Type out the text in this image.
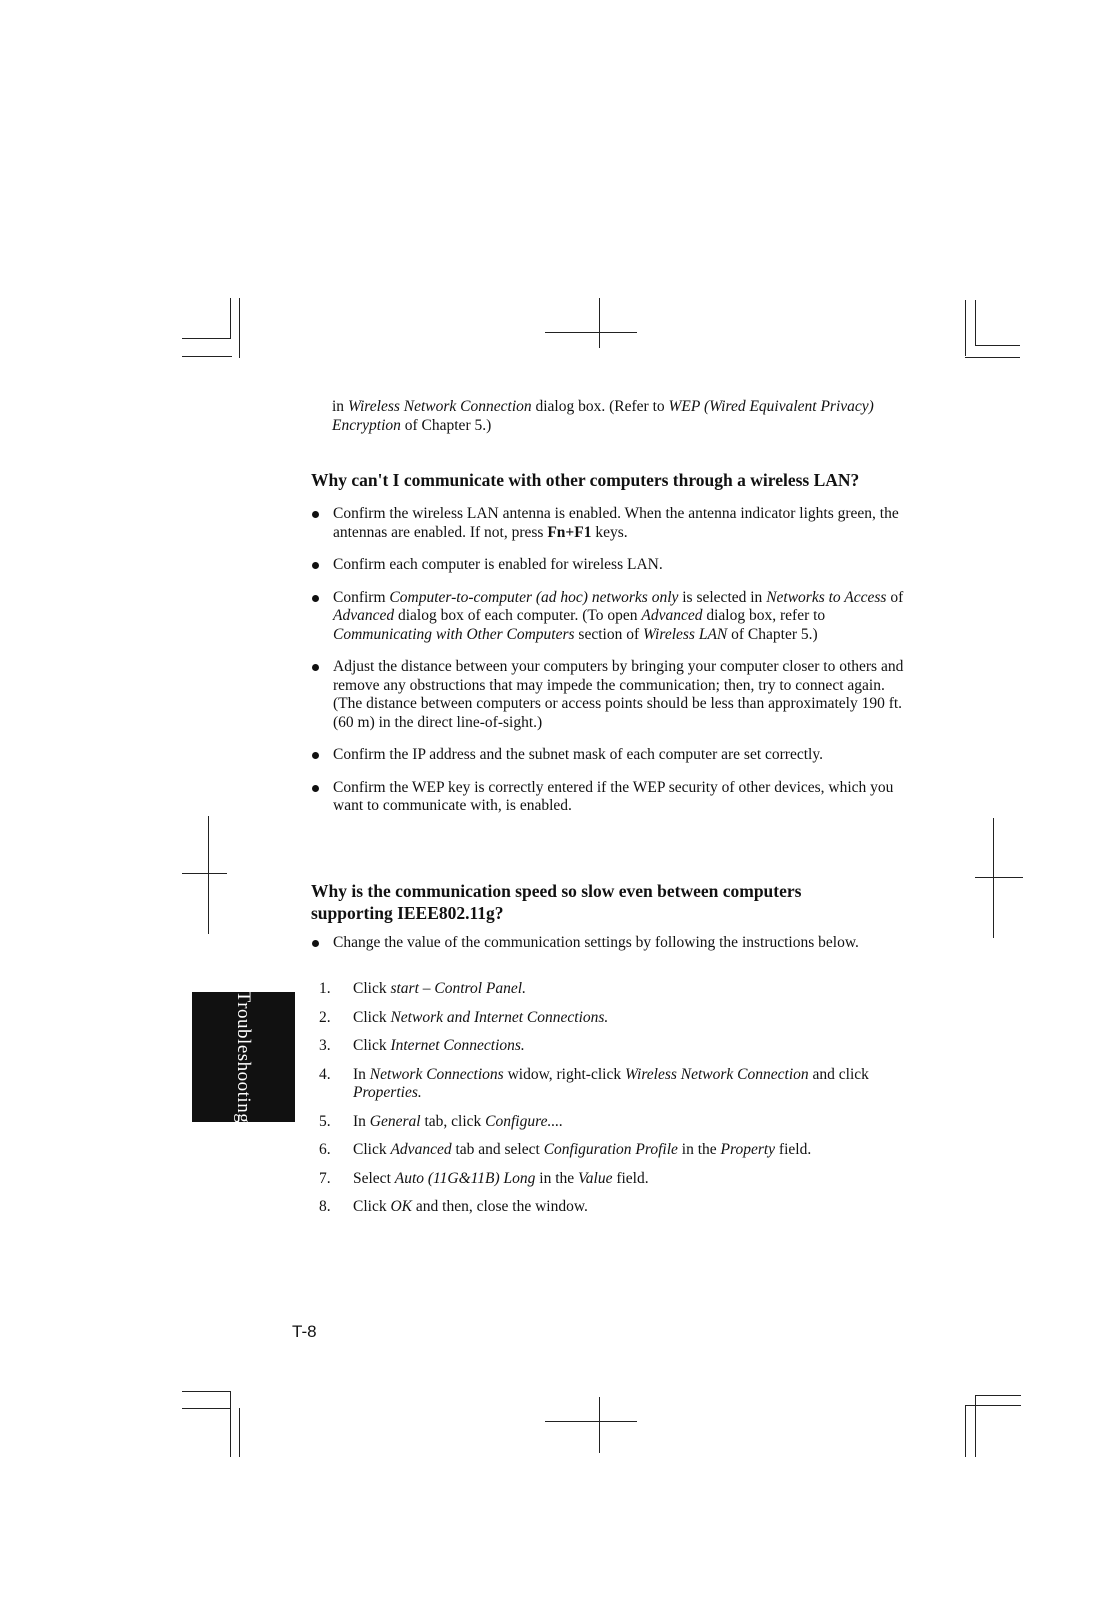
in Wireless Network Connection dialog box. (Refer to WEP (Wired Equivalent Privacy) Encryption of Chapter 5.)
Why can't I communicate with other computers through a wireless LAN?
Confirm the wireless LAN antenna is enabled. When the antenna indicator lights green, the antennas are enabled. If not, press Fn+F1 keys.
Confirm each computer is enabled for wireless LAN.
Confirm Computer-to-computer (ad hoc) networks only is selected in Networks to Access of Advanced dialog box of each computer. (To open Advanced dialog box, refer to Communicating with Other Computers section of Wireless LAN of Chapter 5.)
Adjust the distance between your computers by bringing your computer closer to others and remove any obstructions that may impede the communication; then, try to connect again. (The distance between computers or access points should be less than approximately 190 ft. (60 m) in the direct line-of-sight.)
Confirm the IP address and the subnet mask of each computer are set correctly.
Confirm the WEP key is correctly entered if the WEP security of other devices, which you want to communicate with, is enabled.
Why is the communication speed so slow even between computers supporting IEEE802.11g?
Change the value of the communication settings by following the instructions below.
1. Click start – Control Panel.
2. Click Network and Internet Connections.
3. Click Internet Connections.
4. In Network Connections widow, right-click Wireless Network Connection and click Properties.
5. In General tab, click Configure....
6. Click Advanced tab and select Configuration Profile in the Property field.
7. Select Auto (11G&11B) Long in the Value field.
8. Click OK and then, close the window.
Troubleshooting
T-8
